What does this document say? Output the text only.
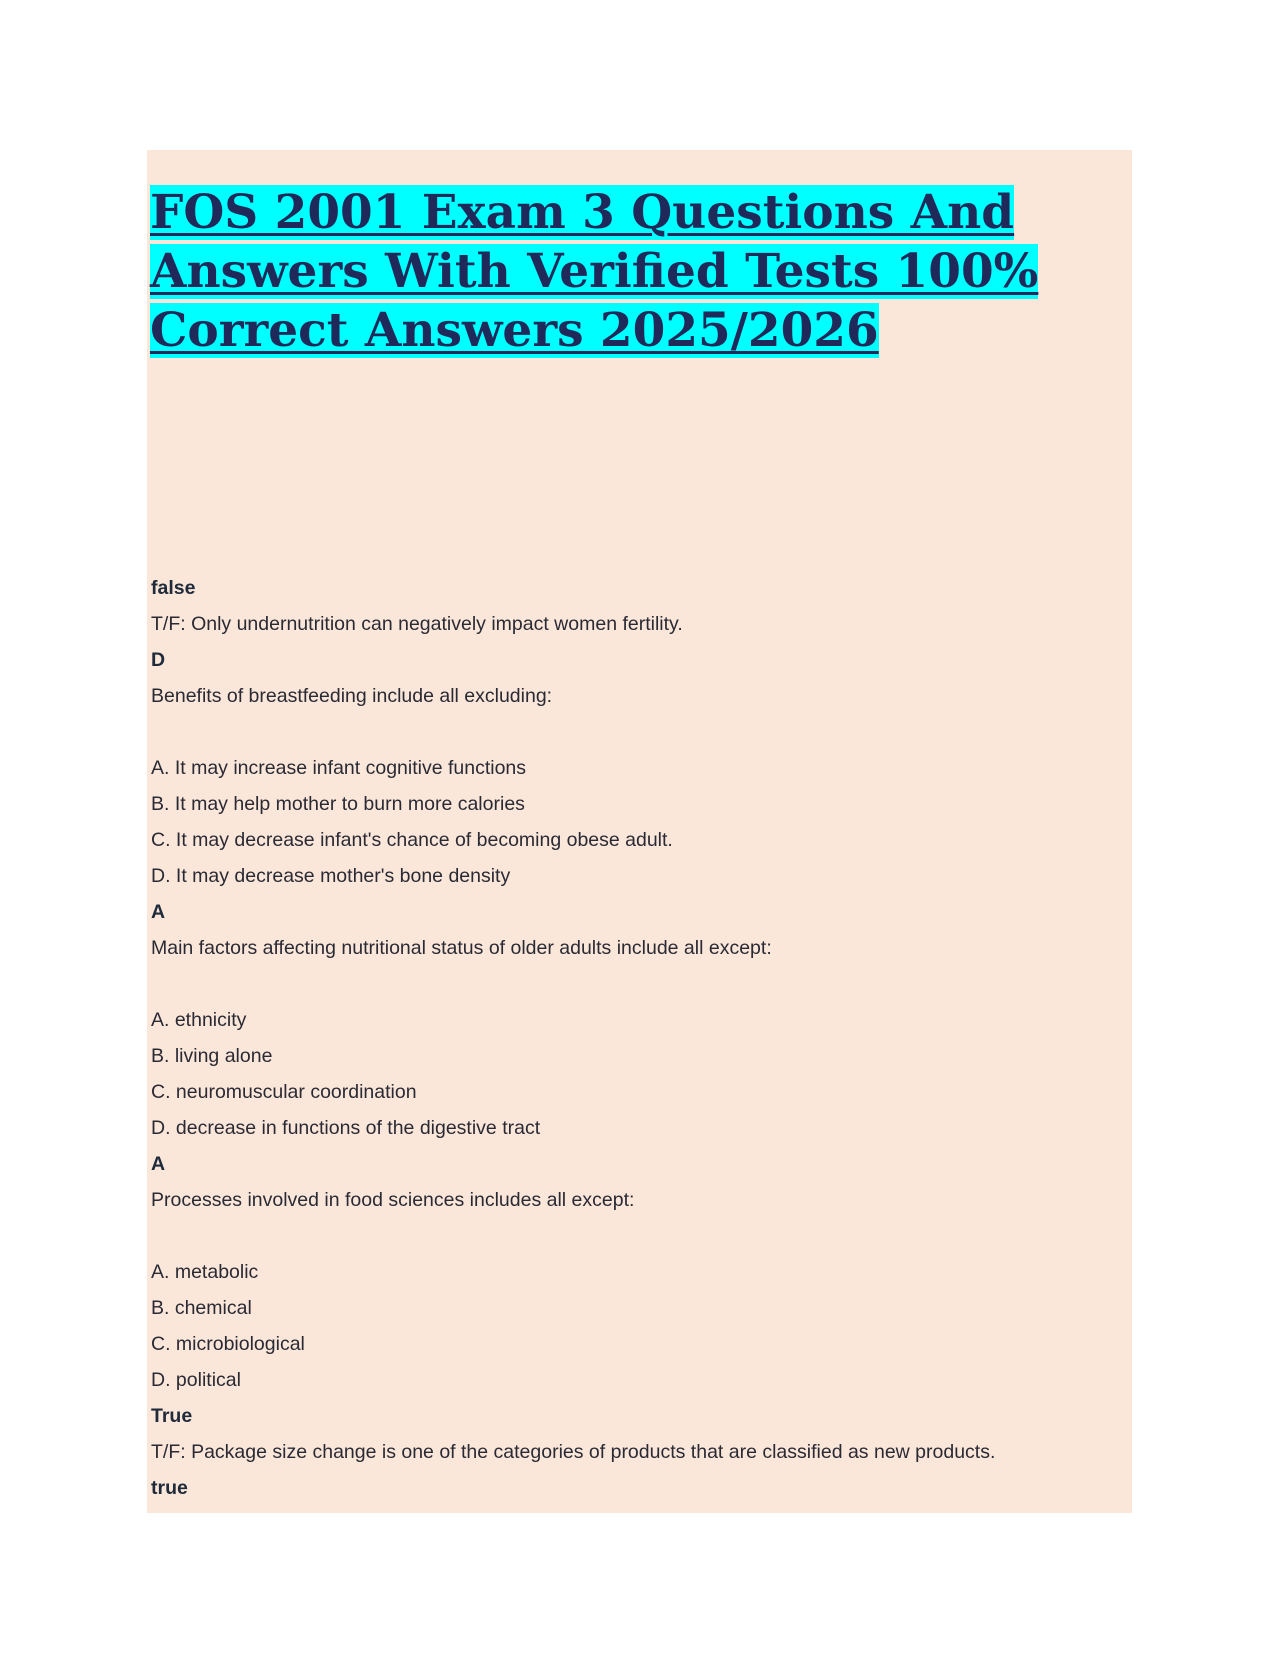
FOS 2001 Exam 3 Questions And Answers With Verified Tests 100% Correct Answers 2025/2026
false
T/F: Only undernutrition can negatively impact women fertility.
D
Benefits of breastfeeding include all excluding:
A. It may increase infant cognitive functions
B. It may help mother to burn more calories
C. It may decrease infant's chance of becoming obese adult.
D. It may decrease mother's bone density
A
Main factors affecting nutritional status of older adults include all except:
A. ethnicity
B. living alone
C. neuromuscular coordination
D. decrease in functions of the digestive tract
A
Processes involved in food sciences includes all except:
A. metabolic
B. chemical
C. microbiological
D. political
True
T/F: Package size change is one of the categories of products that are classified as new products.
true
